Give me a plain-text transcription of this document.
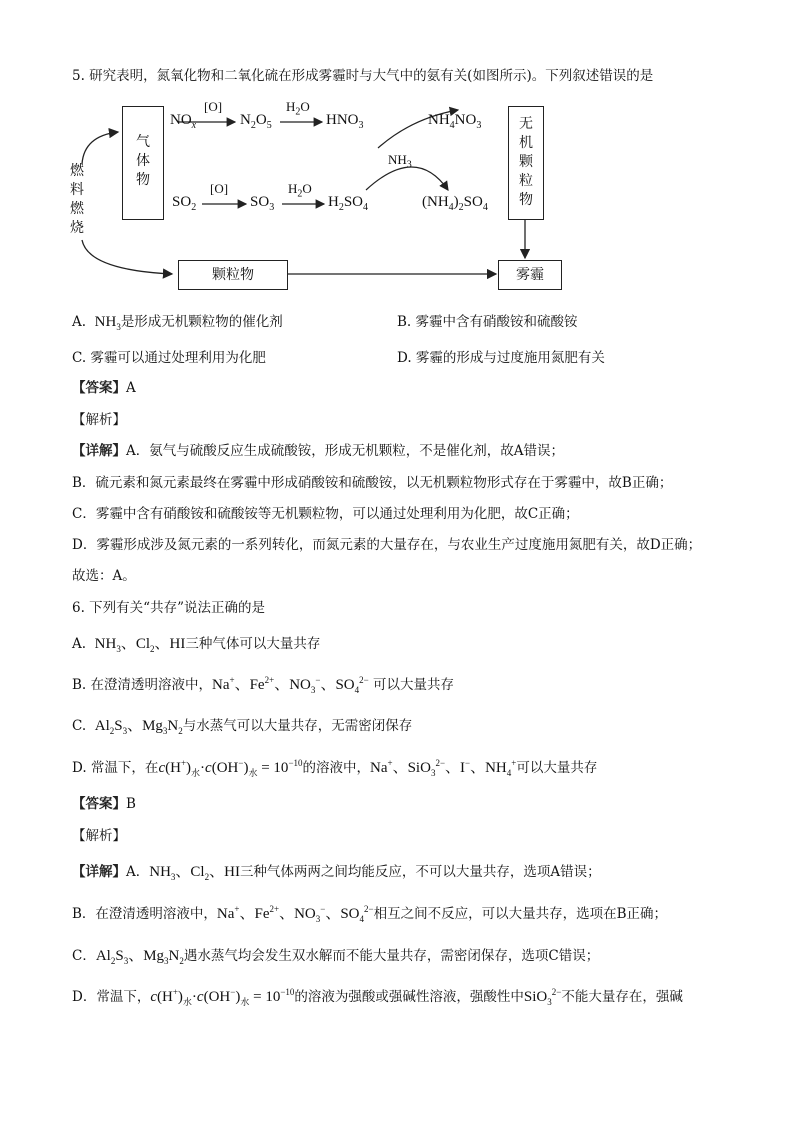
5. 研究表明，氮氧化物和二氧化硫在形成雾霾时与大气中的氨有关(如图所示)。下列叙述错误的是
燃
料
燃
烧
气
体
物
无
机
颗
粒
物
颗粒物	雾霾
$NO_x$
[O]
$N_2O_5$
$H_2O$
$HNO_3$	$NH_4NO_3$
$NH_3$
$SO_2$
[O]
$SO_3$
$H_2O$
$H_2SO_4$	$(NH_4)_2SO_4$
A. $NH_3$是形成无机颗粒物的催化剂	B. 雾霾中含有硝酸铵和硫酸铵
C. 雾霾可以通过处理利用为化肥	D. 雾霾的形成与过度施用氮肥有关
【答案】A
【解析】
【详解】A．氨气与硫酸反应生成硫酸铵，形成无机颗粒，不是催化剂，故A错误；
B．硫元素和氮元素最终在雾霾中形成硝酸铵和硫酸铵，以无机颗粒物形式存在于雾霾中，故B正确；
C．雾霾中含有硝酸铵和硫酸铵等无机颗粒物，可以通过处理利用为化肥，故C正确；
D．雾霾形成涉及氮元素的一系列转化，而氮元素的大量存在，与农业生产过度施用氮肥有关，故D正确；
故选：A。
6. 下列有关“共存”说法正确的是
A. $NH_3$、$Cl_2$、HI三种气体可以大量共存
B. 在澄清透明溶液中，Na+、$Fe^{2+}$、$NO_3^-$、$SO_4^{2-}$ 可以大量共存
C. $Al_2S_3$、$Mg_3N_2$与水蒸气可以大量共存，无需密闭保存
D. 常温下，在$c(H^+)_水\cdot c(OH^-)_水 = 10^{-10}$的溶液中，Na+、SiO$_3^{2-}$、I−、$NH_4^+$可以大量共存
【答案】B
【解析】
【详解】A．$NH_3$、$Cl_2$、HI三种气体两两之间均能反应，不可以大量共存，选项A错误；
B．在澄清透明溶液中，Na+、$Fe^{2+}$、$NO_3^-$、$SO_4^{2-}$相互之间不反应，可以大量共存，选项在B正确；
C．$Al_2S_3$、$Mg_3N_2$遇水蒸气均会发生双水解而不能大量共存，需密闭保存，选项C错误；
D．常温下，$c(H^+)_水\cdot c(OH^-)_水 = 10^{-10}$的溶液为强酸或强碱性溶液，强酸性中SiO$_3^{2-}$不能大量存在，强碱
